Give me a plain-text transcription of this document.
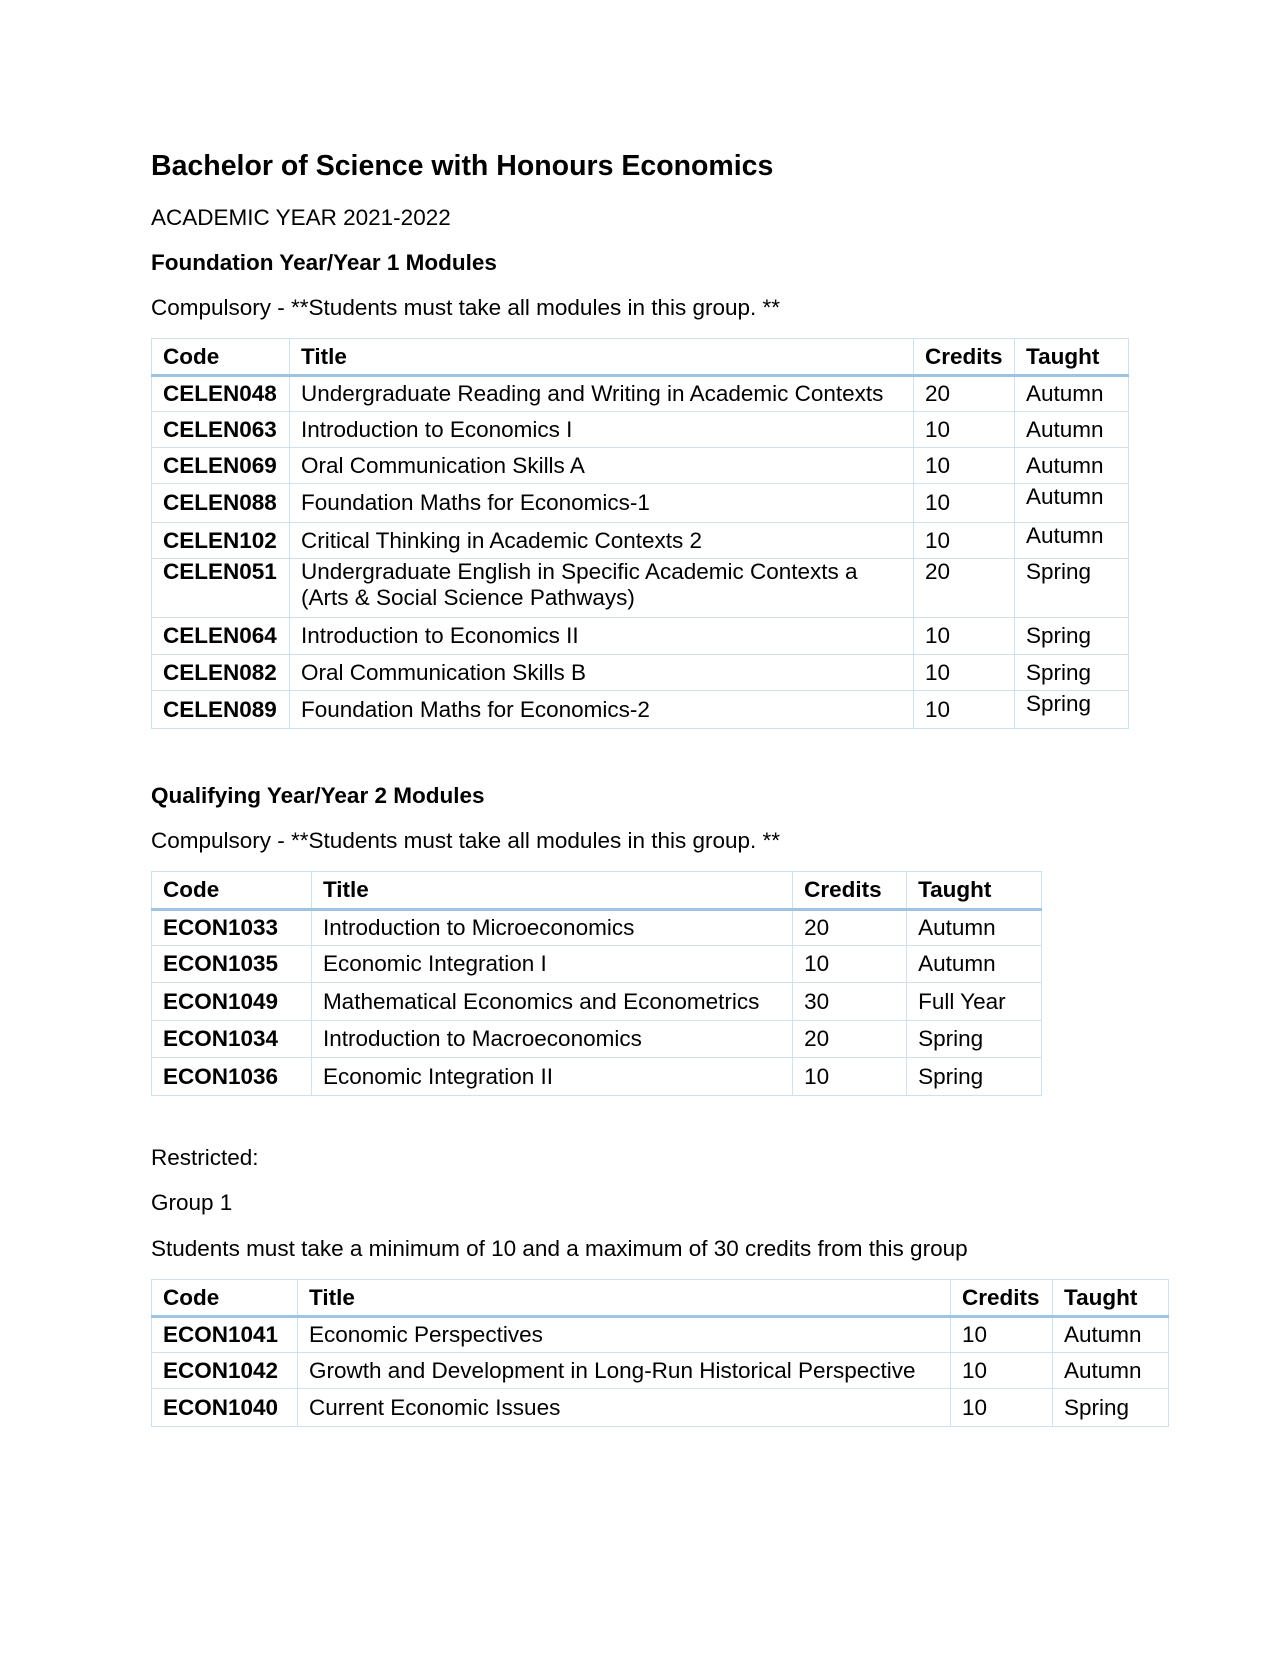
Bachelor of Science with Honours Economics

ACADEMIC YEAR 2021-2022

Foundation Year/Year 1 Modules

Compulsory - **Students must take all modules in this group. **

Code	Title	Credits	Taught
CELEN048	Undergraduate Reading and Writing in Academic Contexts	20	Autumn
CELEN063	Introduction to Economics I	10	Autumn
CELEN069	Oral Communication Skills A	10	Autumn
CELEN088	Foundation Maths for Economics-1	10	Autumn
CELEN102	Critical Thinking in Academic Contexts 2	10	Autumn
CELEN051	Undergraduate English in Specific Academic Contexts a (Arts & Social Science Pathways)	20	Spring
CELEN064	Introduction to Economics II	10	Spring
CELEN082	Oral Communication Skills B	10	Spring
CELEN089	Foundation Maths for Economics-2	10	Spring

Qualifying Year/Year 2 Modules

Compulsory - **Students must take all modules in this group. **

Code	Title	Credits	Taught
ECON1033	Introduction to Microeconomics	20	Autumn
ECON1035	Economic Integration I	10	Autumn
ECON1049	Mathematical Economics and Econometrics	30	Full Year
ECON1034	Introduction to Macroeconomics	20	Spring
ECON1036	Economic Integration II	10	Spring

Restricted:

Group 1

Students must take a minimum of 10 and a maximum of 30 credits from this group

Code	Title	Credits	Taught
ECON1041	Economic Perspectives	10	Autumn
ECON1042	Growth and Development in Long-Run Historical Perspective	10	Autumn
ECON1040	Current Economic Issues	10	Spring
